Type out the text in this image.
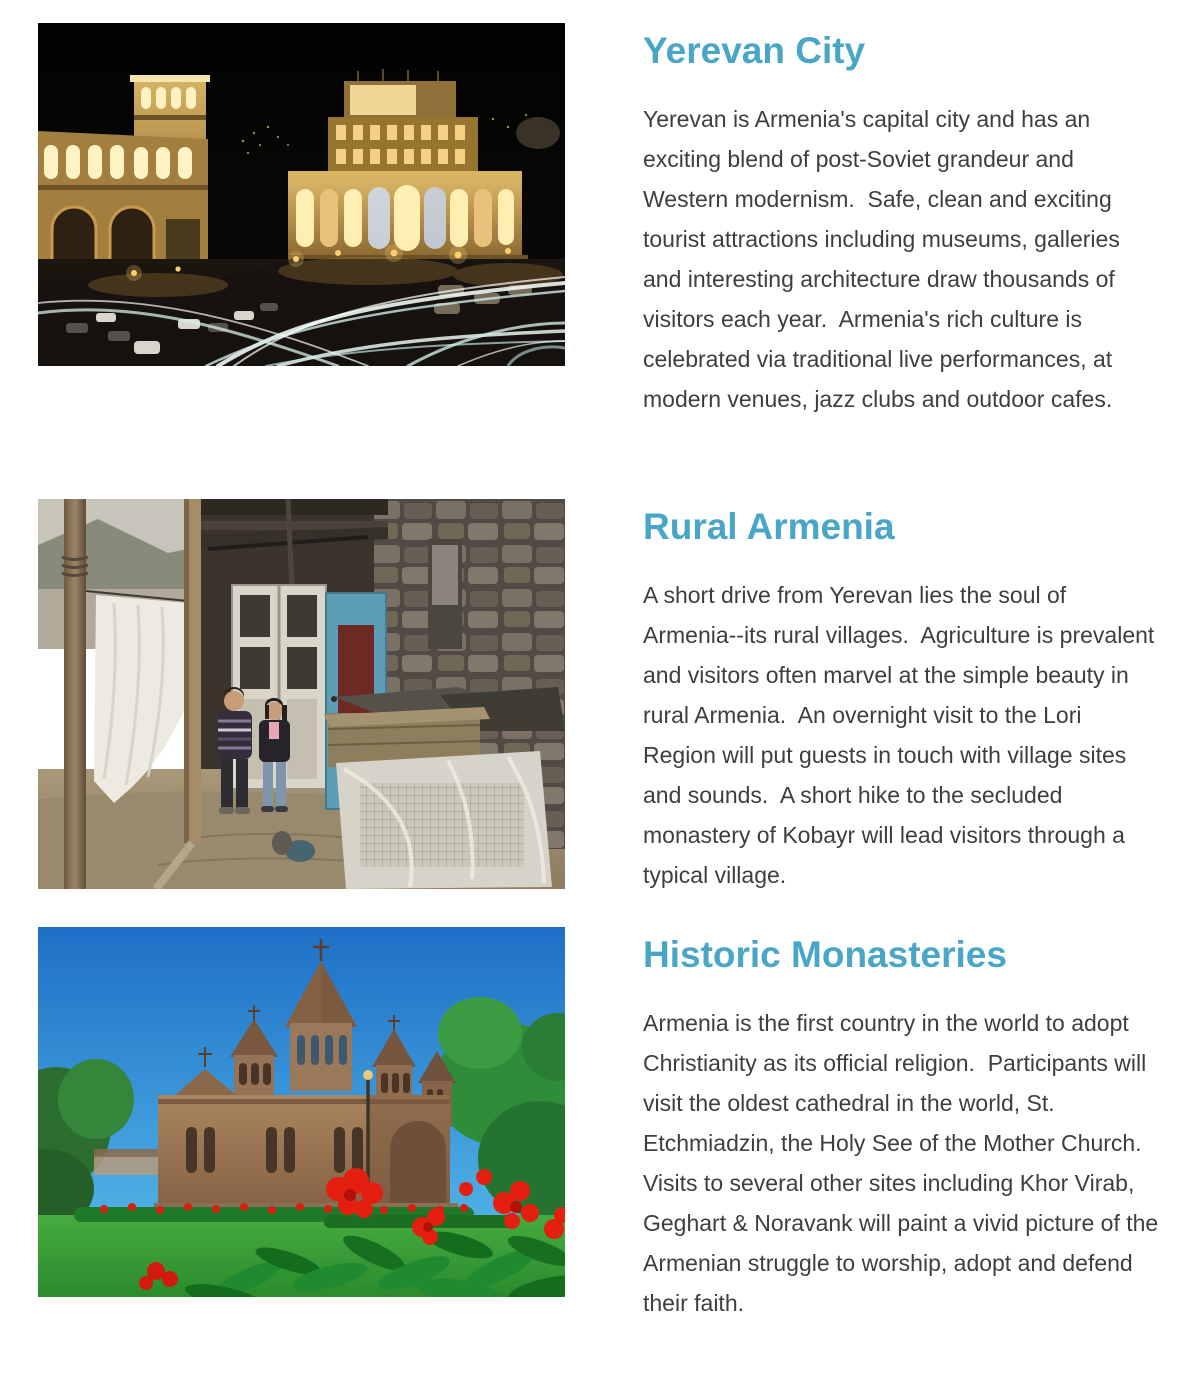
Yerevan City

Yerevan is Armenia's capital city and has an exciting blend of post-Soviet grandeur and Western modernism.  Safe, clean and exciting tourist attractions including museums, galleries and interesting architecture draw thousands of visitors each year.  Armenia's rich culture is celebrated via traditional live performances, at modern venues, jazz clubs and outdoor cafes.

Rural Armenia

A short drive from Yerevan lies the soul of Armenia--its rural villages.  Agriculture is prevalent and visitors often marvel at the simple beauty in rural Armenia.  An overnight visit to the Lori Region will put guests in touch with village sites and sounds.  A short hike to the secluded monastery of Kobayr will lead visitors through a typical village.

Historic Monasteries

Armenia is the first country in the world to adopt Christianity as its official religion.  Participants will visit the oldest cathedral in the world, St. Etchmiadzin, the Holy See of the Mother Church.  Visits to several other sites including Khor Virab, Geghart & Noravank will paint a vivid picture of the Armenian struggle to worship, adopt and defend their faith.
